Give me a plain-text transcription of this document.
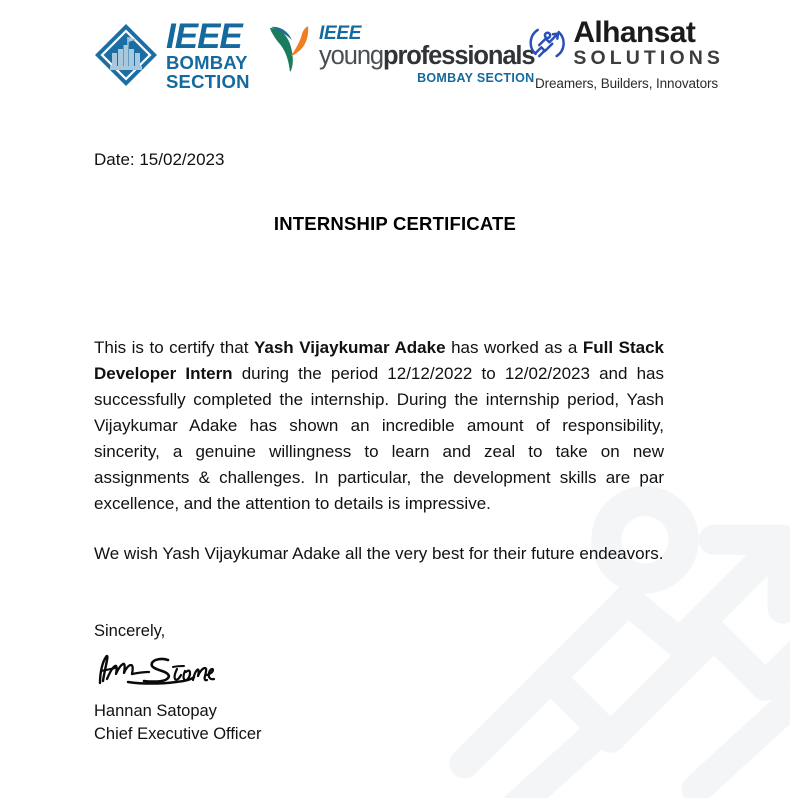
IEEE
BOMBAY
SECTION
IEEE
youngprofessionals
BOMBAY SECTION
Alhansat
SOLUTIONS
Dreamers, Builders, Innovators
Date: 15/02/2023
INTERNSHIP CERTIFICATE

This is to certify that Yash Vijaykumar Adake has worked as a Full Stack Developer Intern during the period 12/12/2022 to 12/02/2023 and has successfully completed the internship. During the internship period, Yash Vijaykumar Adake has shown an incredible amount of responsibility, sincerity, a genuine willingness to learn and zeal to take on new assignments & challenges. In particular, the development skills are par excellence, and the attention to details is impressive.

We wish Yash Vijaykumar Adake all the very best for their future endeavors.

Sincerely,
Hannan Satopay
Chief Executive Officer
